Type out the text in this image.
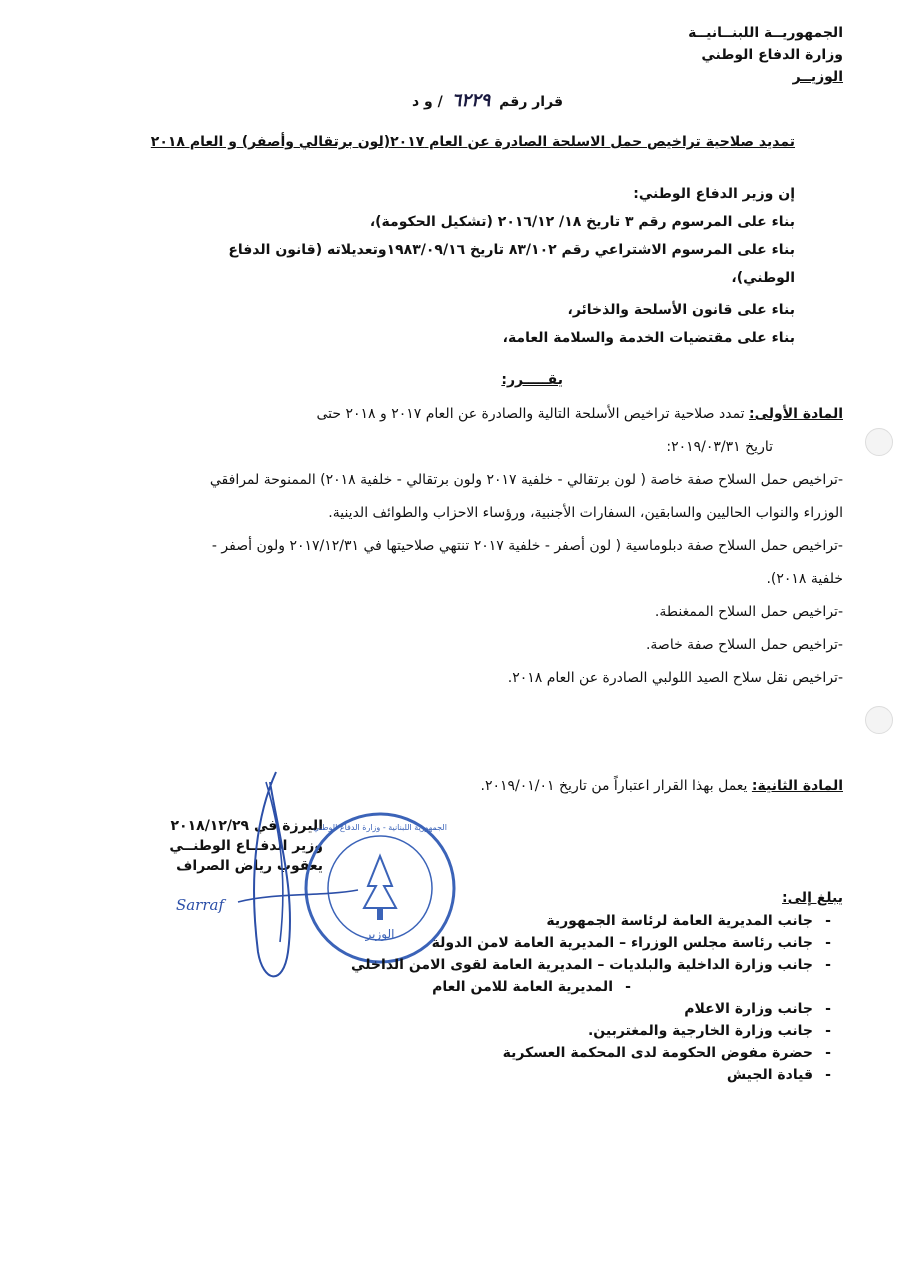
الجمهوريــة اللبنــانيــة
وزارة الدفاع الوطني
الوزيــر
قرار رقم ٦٢٢٩ / و د
تمديد صلاحية تراخيص حمل الاسلحة الصادرة عن العام ٢٠١٧(لون برتقالي وأصفر) و العام ٢٠١٨
إن وزير الدفاع الوطني:
بناء على المرسوم رقم ٣ تاريخ ١٨/ ٢٠١٦/١٢ (تشكيل الحكومة)،
بناء على المرسوم الاشتراعي رقم ٨٣/١٠٢ تاريخ ١٩٨٣/٠٩/١٦وتعديلاته (قانون الدفاع الوطني)،
بناء على قانون الأسلحة والذخائر،
بناء على مقتضيات الخدمة والسلامة العامة،
يقـــــرر:
المادة الأولى: تمدد صلاحية تراخيص الأسلحة التالية والصادرة عن العام ٢٠١٧ و ٢٠١٨ حتى
تاريخ ٢٠١٩/٠٣/٣١:
-تراخيص حمل السلاح صفة خاصة ( لون برتقالي - خلفية ٢٠١٧ ولون برتقالي - خلفية ٢٠١٨) الممنوحة لمرافقي الوزراء والنواب الحاليين والسابقين، السفارات الأجنبية، ورؤساء الاحزاب والطوائف الدينية.
-تراخيص حمل السلاح صفة دبلوماسية ( لون أصفر - خلفية ٢٠١٧ تنتهي صلاحيتها في ٢٠١٧/١٢/٣١ ولون أصفر - خلفية ٢٠١٨).
-تراخيص حمل السلاح الممغنطة.
-تراخيص حمل السلاح صفة خاصة.
-تراخيص نقل سلاح الصيد اللولبي الصادرة عن العام ٢٠١٨.
المادة الثانية: يعمل بهذا القرار اعتباراً من تاريخ ٢٠١٩/٠١/٠١.
اليرزة في ٢٠١٨/١٢/٢٩
وزير الدفــاع الوطنــي
يعقوب رياض الصراف
الوزير
الجمهورية اللبنانية - وزارة الدفاع الوطني
Sarraf	يبلغ إلى:
-جانب المديرية العامة لرئاسة الجمهورية
-جانب رئاسة مجلس الوزراء – المديرية العامة لامن الدولة
-جانب وزارة الداخلية والبلديات – المديرية العامة لقوى الامن الداخلي
-المديرية العامة للامن العام
-جانب وزارة الاعلام
-جانب وزارة الخارجية والمغتربين.
-حضرة مفوض الحكومة لدى المحكمة العسكرية
-قيادة الجيش
